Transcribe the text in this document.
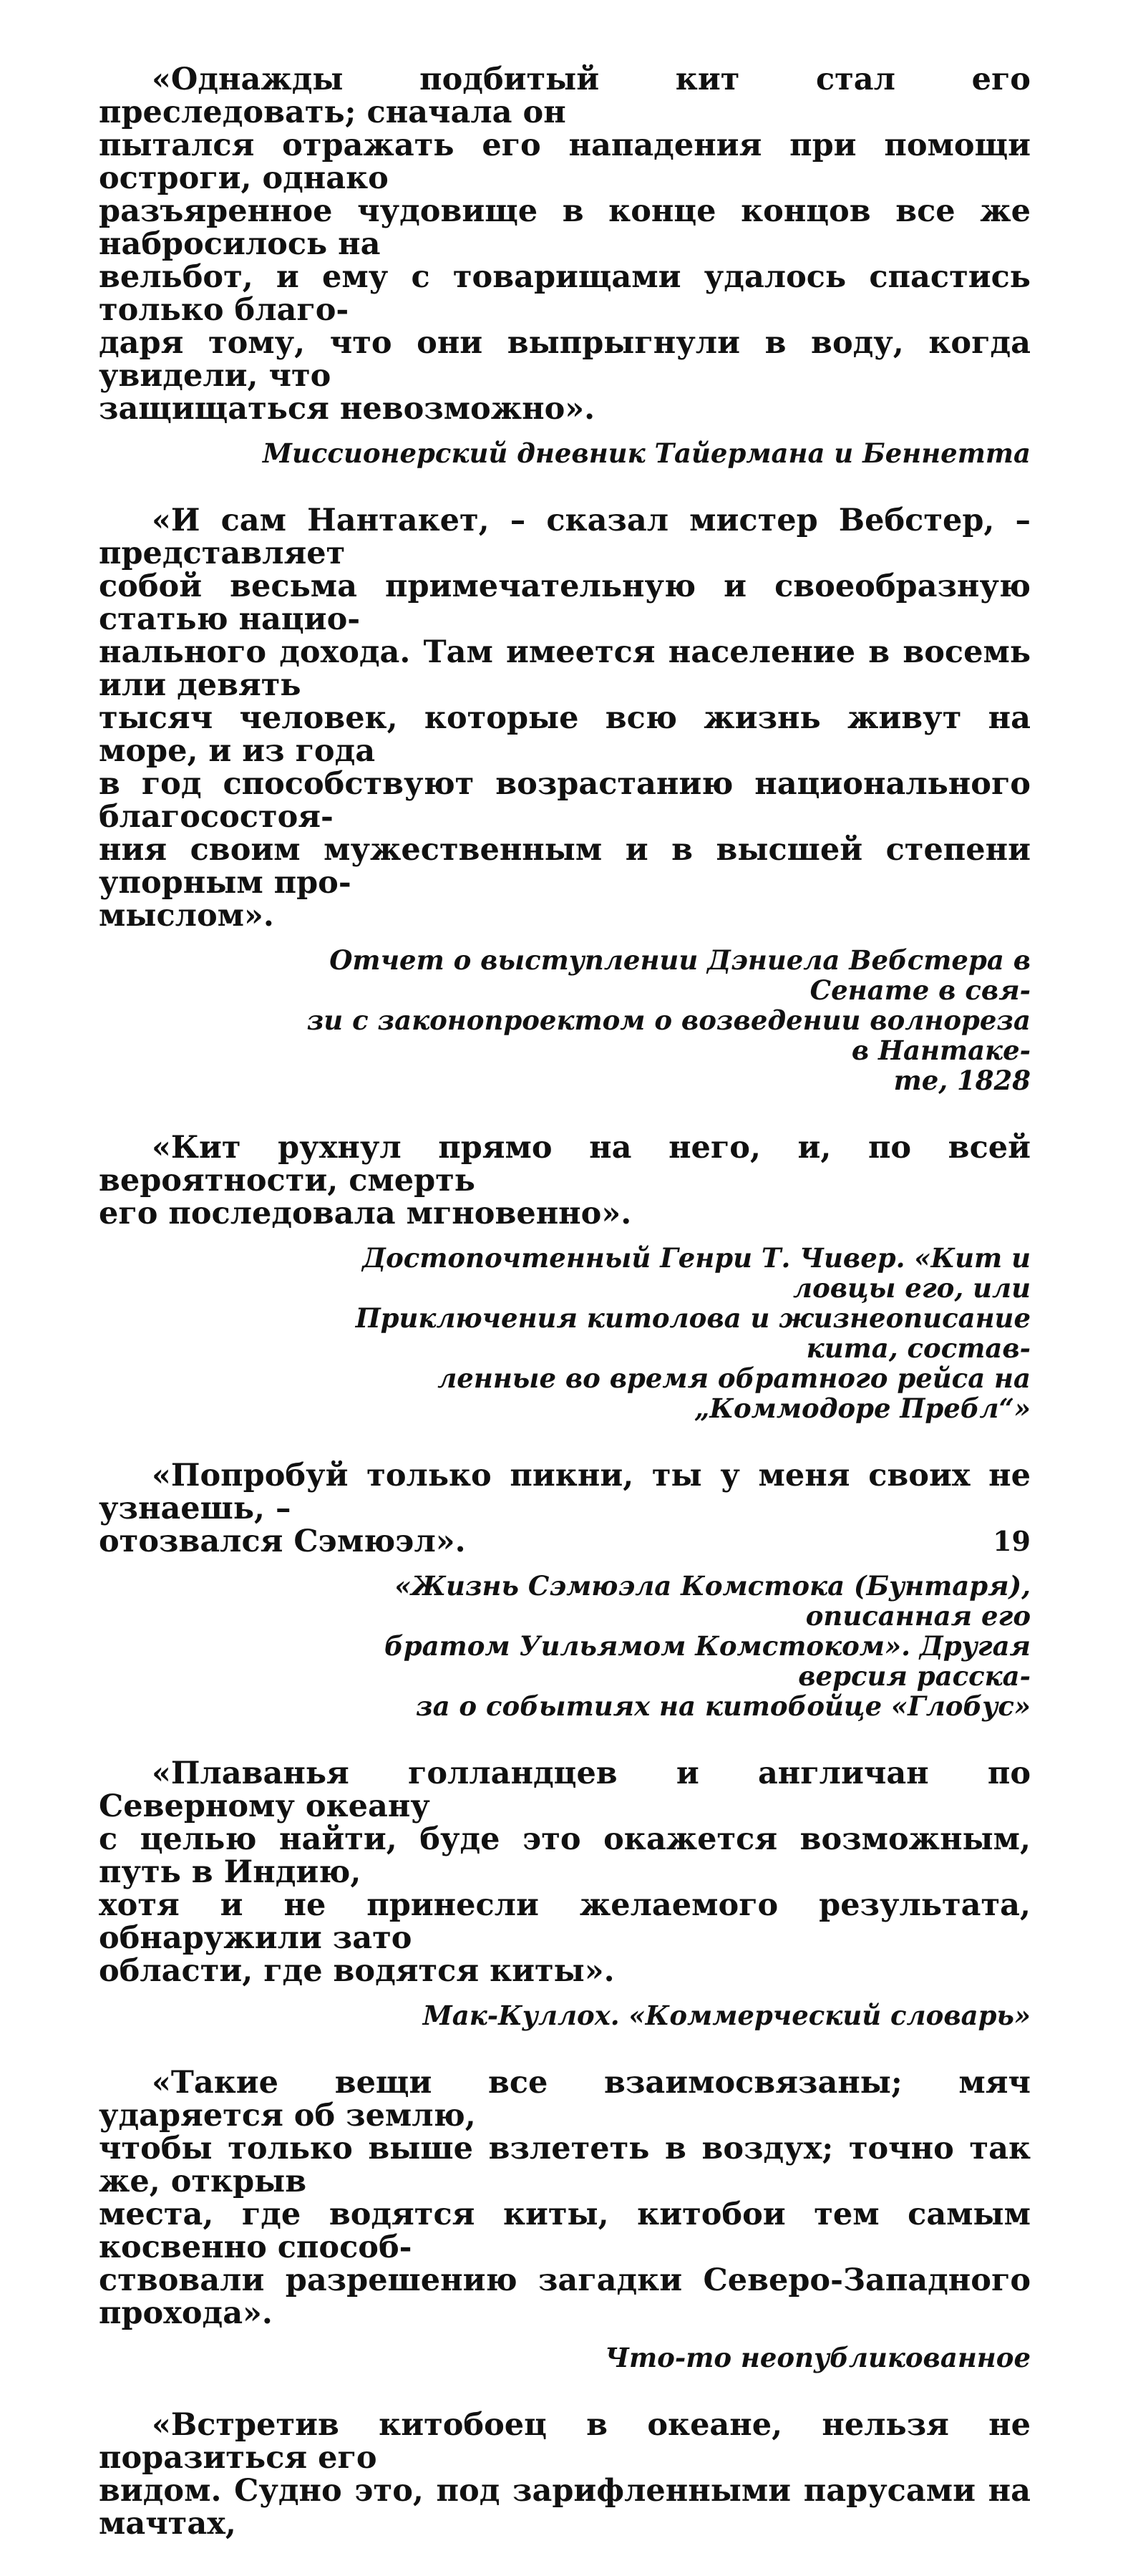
«Однажды подбитый кит стал его преследовать; сначала он
пытался отражать его нападения при помощи остроги, однако
разъяренное чудовище в конце концов все же набросилось на
вельбот, и ему с товарищами удалось спастись только благо-
даря тому, что они выпрыгнули в воду, когда увидели, что
защищаться невозможно».

Миссионерский дневник Тайермана и Беннетта

«И сам Нантакет, – сказал мистер Вебстер, – представляет
собой весьма примечательную и своеобразную статью нацио-
нального дохода. Там имеется население в восемь или девять
тысяч человек, которые всю жизнь живут на море, и из года
в год способствуют возрастанию национального благосостоя-
ния своим мужественным и в высшей степени упорным про-
мыслом».

Отчет о выступлении Дэниела Вебстера в Сенате в свя-
зи с законопроектом о возведении волнореза в Нантаке-
те, 1828

«Кит рухнул прямо на него, и, по всей вероятности, смерть
его последовала мгновенно».

Достопочтенный Генри Т. Чивер. «Кит и ловцы его, или
Приключения китолова и жизнеописание кита, состав-
ленные во время обратного рейса на „Коммодоре Пребл“»

«Попробуй только пикни, ты у меня своих не узнаешь, –
отозвался Сэмюэл».

«Жизнь Сэмюэла Комстока (Бунтаря), описанная его
братом Уильямом Комстоком». Другая версия расска-
за о событиях на китобойце «Глобус»

«Плаванья голландцев и англичан по Северному океану
с целью найти, буде это окажется возможным, путь в Индию,
хотя и не принесли желаемого результата, обнаружили зато
области, где водятся киты».

Мак-Куллох. «Коммерческий словарь»

«Такие вещи все взаимосвязаны; мяч ударяется об землю,
чтобы только выше взлететь в воздух; точно так же, открыв
места, где водятся киты, китобои тем самым косвенно способ-
ствовали разрешению загадки Северо-Западного прохода».

Что-то неопубликованное

«Встретив китобоец в океане, нельзя не поразиться его
видом. Судно это, под зарифленными парусами на мачтах,

19
